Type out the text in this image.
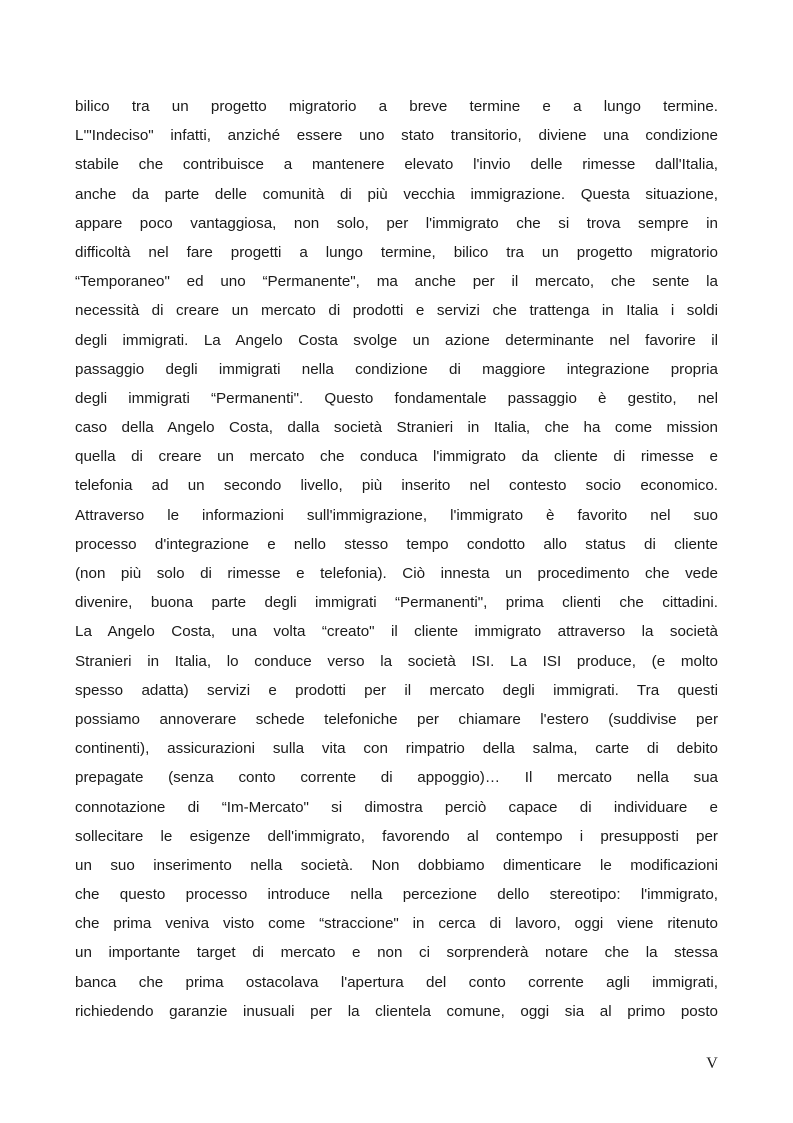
bilico tra un progetto migratorio a breve termine e a lungo termine.
L'"Indeciso" infatti, anziché essere uno stato transitorio, diviene una condizione
stabile che contribuisce a mantenere elevato l'invio delle rimesse dall'Italia,
anche da parte delle comunità di più vecchia immigrazione. Questa situazione,
appare poco vantaggiosa, non solo, per l'immigrato che si trova sempre in
difficoltà nel fare progetti a lungo termine, bilico tra un progetto migratorio
“Temporaneo" ed uno “Permanente", ma anche per il mercato, che sente la
necessità di creare un mercato di prodotti e servizi che trattenga in Italia i soldi
degli immigrati. La Angelo Costa svolge un azione determinante nel favorire il
passaggio degli immigrati nella condizione di maggiore integrazione propria
degli immigrati “Permanenti". Questo fondamentale passaggio è gestito, nel
caso della Angelo Costa, dalla società Stranieri in Italia, che ha come mission
quella di creare un mercato che conduca l'immigrato da cliente di rimesse e
telefonia ad un secondo livello, più inserito nel contesto socio economico.
Attraverso le informazioni sull'immigrazione, l'immigrato è favorito nel suo
processo d'integrazione e nello stesso tempo condotto allo status di cliente
(non più solo di rimesse e telefonia). Ciò innesta un procedimento che vede
divenire, buona parte degli immigrati “Permanenti", prima clienti che cittadini.
La Angelo Costa, una volta “creato" il cliente immigrato attraverso la società
Stranieri in Italia, lo conduce verso la società ISI. La ISI produce, (e molto
spesso adatta) servizi e prodotti per il mercato degli immigrati. Tra questi
possiamo annoverare schede telefoniche per chiamare l'estero (suddivise per
continenti), assicurazioni sulla vita con rimpatrio della salma, carte di debito
prepagate (senza conto corrente di appoggio)… Il mercato nella sua
connotazione di “Im-Mercato" si dimostra perciò capace di individuare e
sollecitare le esigenze dell'immigrato, favorendo al contempo i presupposti per
un suo inserimento nella società. Non dobbiamo dimenticare le modificazioni
che questo processo introduce nella percezione dello stereotipo: l'immigrato,
che prima veniva visto come “straccione" in cerca di lavoro, oggi viene ritenuto
un importante target di mercato e non ci sorprenderà notare che la stessa
banca che prima ostacolava l'apertura del conto corrente agli immigrati,
richiedendo garanzie inusuali per la clientela comune, oggi sia al primo posto
V
